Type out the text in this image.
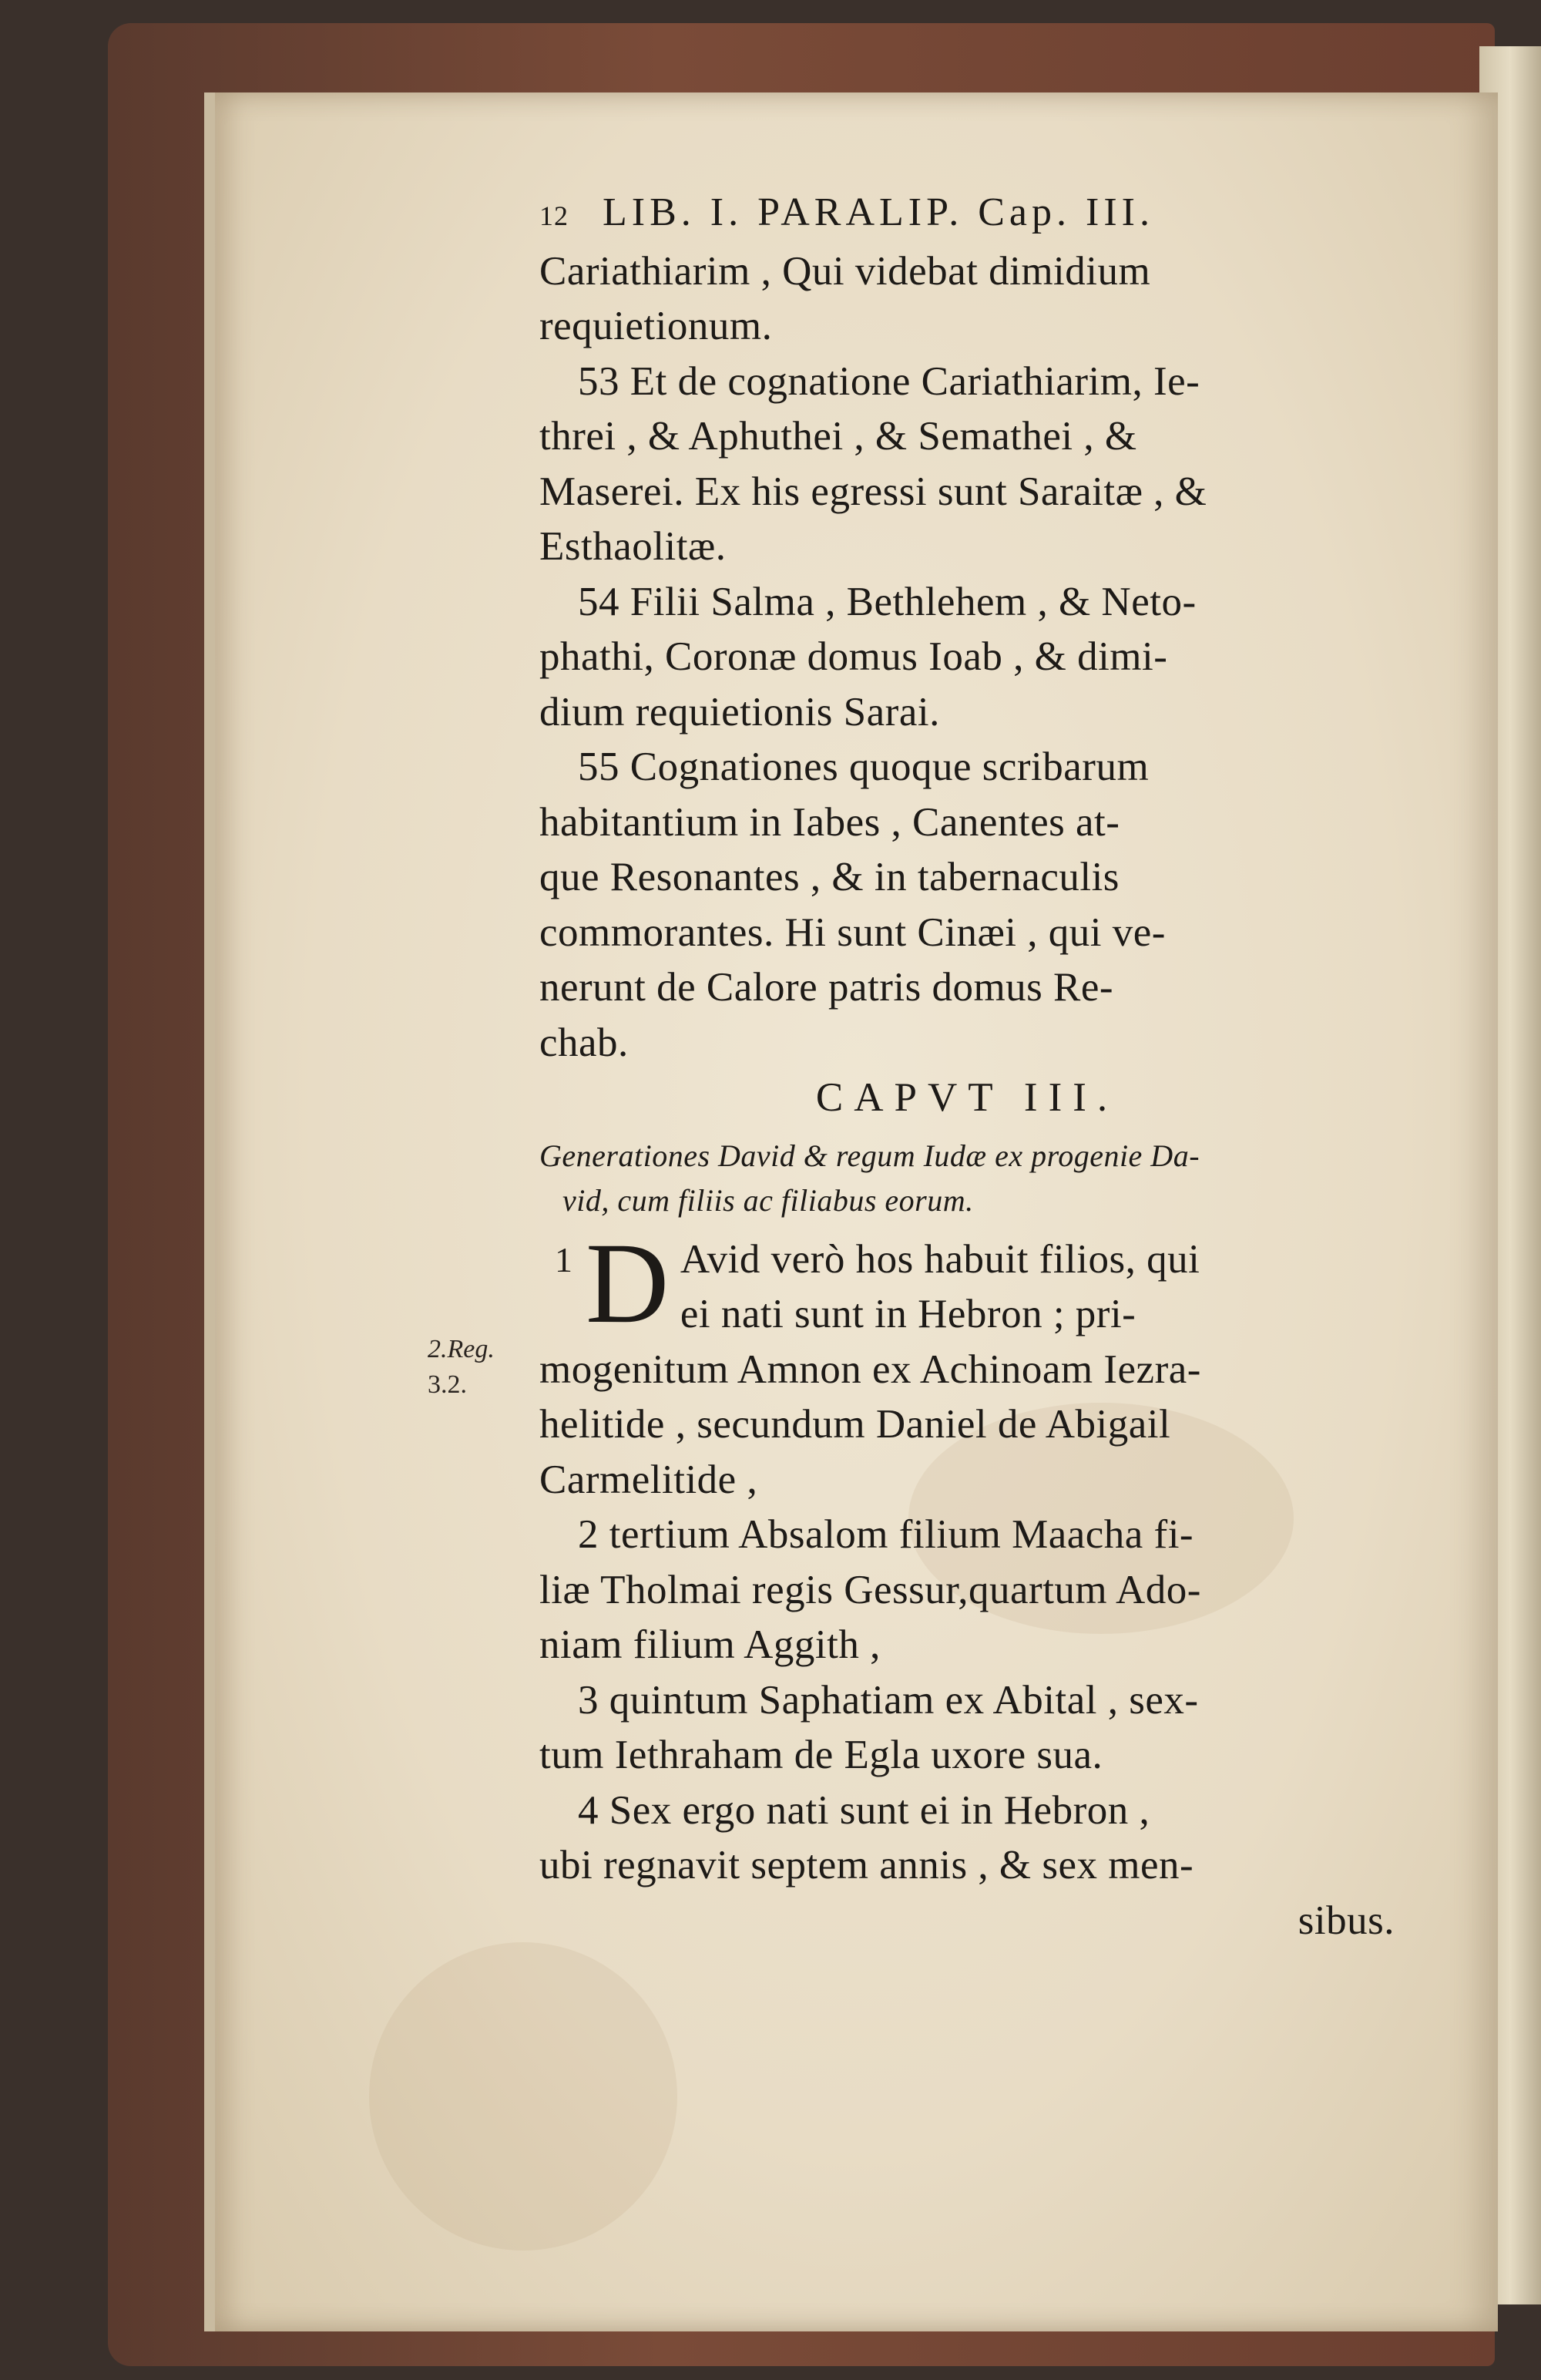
2.Reg.
3.2.
12 LIB. I. PARALIP. Cap. III.

Cariathiarim , Qui videbat dimidium

requietionum.

53 Et de cognatione Cariathiarim, Ie-

threi , & Aphuthei , & Semathei , &

Maserei. Ex his egressi sunt Saraitæ , &

Esthaolitæ.

54 Filii Salma , Bethlehem , & Neto-

phathi, Coronæ domus Ioab , & dimi-

dium requietionis Sarai.

55 Cognationes quoque scribarum

habitantium in Iabes , Canentes at-

que Resonantes , & in tabernaculis

commorantes. Hi sunt Cinæi , qui ve-

nerunt de Calore patris domus Re-

chab.

CAPVT III.

Generationes David & regum Iudæ ex progenie Da-
vid, cum filiis ac filiabus eorum.
1 D Avid verò hos habuit filios, qui

ei nati sunt in Hebron ; pri-

mogenitum Amnon ex Achinoam Iezra-

helitide , secundum Daniel de Abigail

Carmelitide ,

2 tertium Absalom filium Maacha fi-

liæ Tholmai regis Gessur,quartum Ado-

niam filium Aggith ,

3 quintum Saphatiam ex Abital , sex-

tum Iethraham de Egla uxore sua.

4 Sex ergo nati sunt ei in Hebron ,

ubi regnavit septem annis , & sex men-

sibus.
